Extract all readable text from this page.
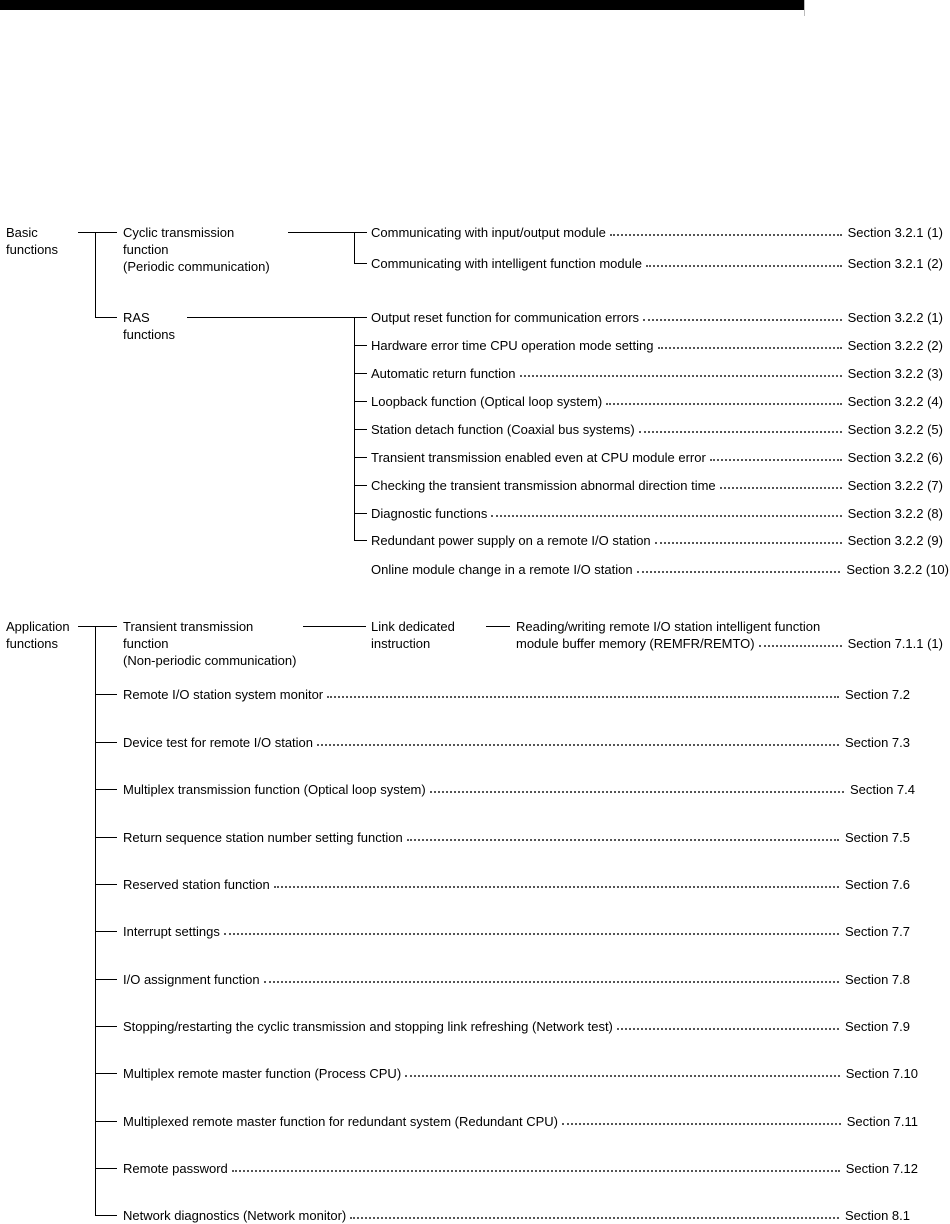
Basic
functions
Cyclic transmission
function
(Periodic communication)
RAS
functions
Communicating with input/output module	Section 3.2.1 (1)
Communicating with intelligent function module	Section 3.2.1 (2)
Output reset function for communication errors	Section 3.2.2 (1)
Hardware error time CPU operation mode setting	Section 3.2.2 (2)
Automatic return function	Section 3.2.2 (3)
Loopback function (Optical loop system)	Section 3.2.2 (4)
Station detach function (Coaxial bus systems)	Section 3.2.2 (5)
Transient transmission enabled even at CPU module error	Section 3.2.2 (6)
Checking the transient transmission abnormal direction time	Section 3.2.2 (7)
Diagnostic functions	Section 3.2.2 (8)
Redundant power supply on a remote I/O station	Section 3.2.2 (9)
Online module change in a remote I/O station	Section 3.2.2 (10)
Application
functions
Transient transmission
function
(Non-periodic communication)
Link dedicated
instruction
Reading/writing remote I/O station intelligent function
module buffer memory (REMFR/REMTO)	Section 7.1.1 (1)
Remote I/O station system monitor	Section 7.2
Device test for remote I/O station	Section 7.3
Multiplex transmission function (Optical loop system)	Section 7.4
Return sequence station number setting function	Section 7.5
Reserved station function	Section 7.6
Interrupt settings	Section 7.7
I/O assignment function	Section 7.8
Stopping/restarting the cyclic transmission and stopping link refreshing (Network test)	Section 7.9
Multiplex remote master function (Process CPU)	Section 7.10
Multiplexed remote master function for redundant system (Redundant CPU)	Section 7.11
Remote password	Section 7.12
Network diagnostics (Network monitor)	Section 8.1
